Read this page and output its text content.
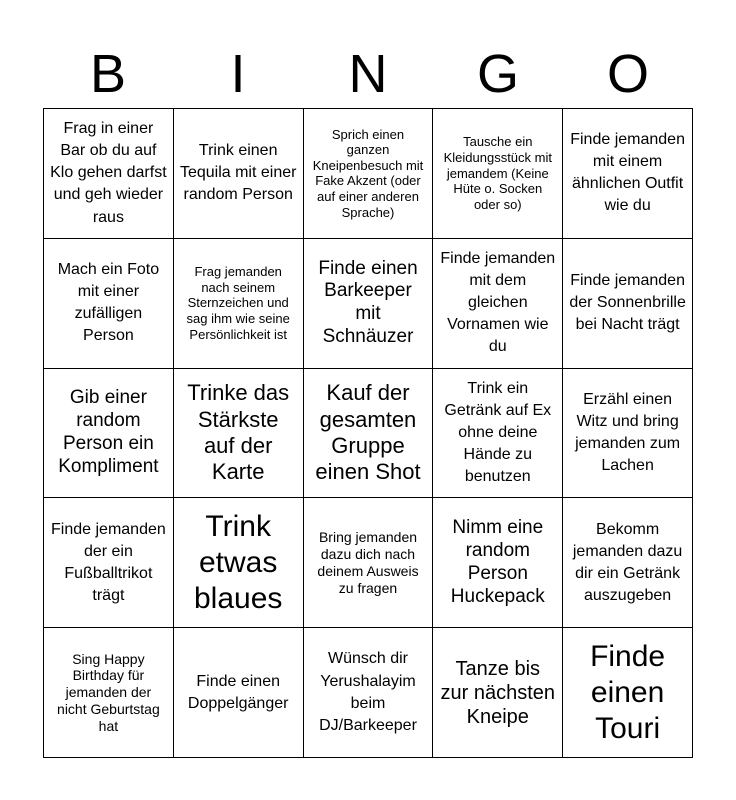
B	I	N	G	O
Frag in einer Bar ob du auf Klo gehen darfst und geh wieder raus
Trink einen Tequila mit einer random Person
Sprich einen ganzen Kneipenbesuch mit Fake Akzent (oder auf einer anderen Sprache)
Tausche ein Kleidungsstück mit jemandem (Keine Hüte o. Socken oder so)
Finde jemanden mit einem ähnlichen Outfit wie du
Mach ein Foto mit einer zufälligen Person
Frag jemanden nach seinem Sternzeichen und sag ihm wie seine Persönlichkeit ist
Finde einen Barkeeper mit Schnäuzer
Finde jemanden mit dem gleichen Vornamen wie du
Finde jemanden der Sonnenbrille bei Nacht trägt
Gib einer random Person ein Kompliment
Trinke das Stärkste auf der Karte
Kauf der gesamten Gruppe einen Shot
Trink ein Getränk auf Ex ohne deine Hände zu benutzen
Erzähl einen Witz und bring jemanden zum Lachen
Finde jemanden der ein Fußballtrikot trägt
Trink etwas blaues
Bring jemanden dazu dich nach deinem Ausweis zu fragen
Nimm eine random Person Huckepack
Bekomm jemanden dazu dir ein Getränk auszugeben
Sing Happy Birthday für jemanden der nicht Geburtstag hat
Finde einen Doppelgänger
Wünsch dir Yerushalayim beim DJ/Barkeeper
Tanze bis zur nächsten Kneipe
Finde einen Touri
